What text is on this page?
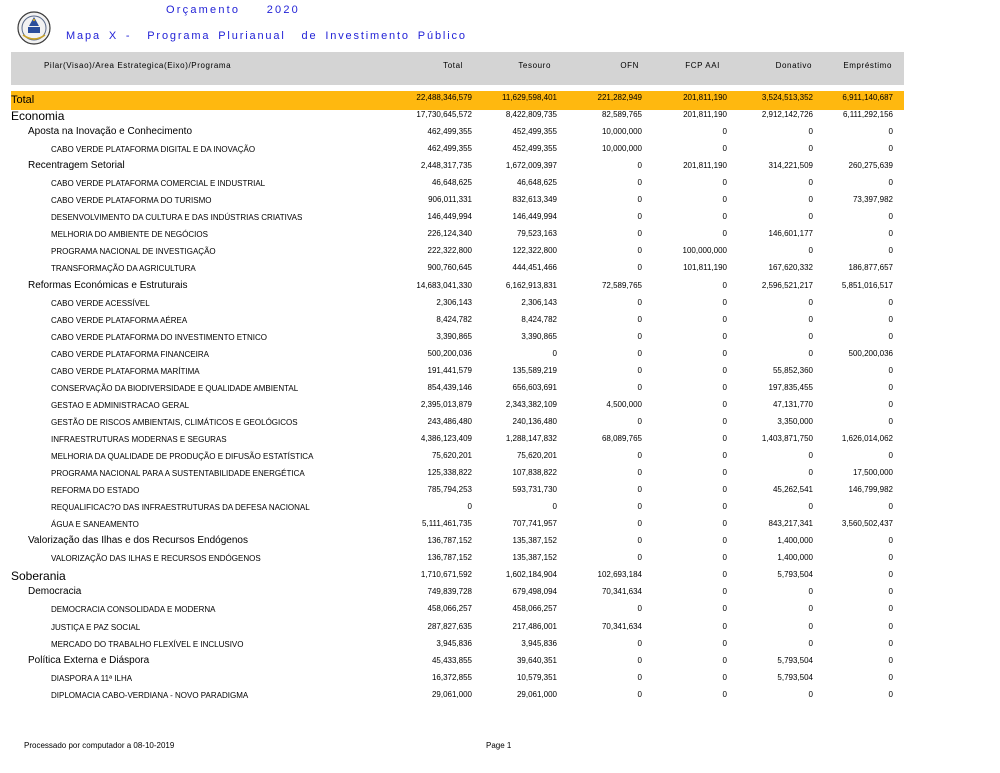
Orçamento  2020
Mapa X -  Programa Plurianual  de Investimento Público
Pilar(Visao)/Area Estrategica(Eixo)/Programa	Total	Tesouro	OFN	FCP AAI	Donativo	Empréstimo
Total	22,488,346,579	11,629,598,401	221,282,949	201,811,190	3,524,513,352	6,911,140,687
Economia	17,730,645,572	8,422,809,735	82,589,765	201,811,190	2,912,142,726	6,111,292,156
Aposta na Inovação e Conhecimento	462,499,355	452,499,355	10,000,000	0	0	0
CABO VERDE PLATAFORMA DIGITAL E DA INOVAÇÃO	462,499,355	452,499,355	10,000,000	0	0	0
Recentragem Setorial	2,448,317,735	1,672,009,397	0	201,811,190	314,221,509	260,275,639
CABO VERDE PLATAFORMA COMERCIAL E INDUSTRIAL	46,648,625	46,648,625	0	0	0	0
CABO VERDE PLATAFORMA DO TURISMO	906,011,331	832,613,349	0	0	0	73,397,982
DESENVOLVIMENTO DA CULTURA E DAS INDÚSTRIAS CRIATIVAS	146,449,994	146,449,994	0	0	0	0
MELHORIA DO AMBIENTE DE NEGÓCIOS	226,124,340	79,523,163	0	0	146,601,177	0
PROGRAMA NACIONAL DE INVESTIGAÇÃO	222,322,800	122,322,800	0	100,000,000	0	0
TRANSFORMAÇÃO DA AGRICULTURA	900,760,645	444,451,466	0	101,811,190	167,620,332	186,877,657
Reformas Económicas e Estruturais	14,683,041,330	6,162,913,831	72,589,765	0	2,596,521,217	5,851,016,517
CABO VERDE ACESSÍVEL	2,306,143	2,306,143	0	0	0	0
CABO VERDE PLATAFORMA AÉREA	8,424,782	8,424,782	0	0	0	0
CABO VERDE PLATAFORMA DO INVESTIMENTO ETNICO	3,390,865	3,390,865	0	0	0	0
CABO VERDE PLATAFORMA FINANCEIRA	500,200,036	0	0	0	0	500,200,036
CABO VERDE PLATAFORMA MARÍTIMA	191,441,579	135,589,219	0	0	55,852,360	0
CONSERVAÇÃO DA BIODIVERSIDADE E QUALIDADE AMBIENTAL	854,439,146	656,603,691	0	0	197,835,455	0
GESTAO E ADMINISTRACAO GERAL	2,395,013,879	2,343,382,109	4,500,000	0	47,131,770	0
GESTÃO DE RISCOS AMBIENTAIS, CLIMÁTICOS E GEOLÓGICOS	243,486,480	240,136,480	0	0	3,350,000	0
INFRAESTRUTURAS MODERNAS E SEGURAS	4,386,123,409	1,288,147,832	68,089,765	0	1,403,871,750	1,626,014,062
MELHORIA DA QUALIDADE DE PRODUÇÃO E DIFUSÃO ESTATÍSTICA	75,620,201	75,620,201	0	0	0	0
PROGRAMA NACIONAL PARA A SUSTENTABILIDADE ENERGÉTICA	125,338,822	107,838,822	0	0	0	17,500,000
REFORMA DO ESTADO	785,794,253	593,731,730	0	0	45,262,541	146,799,982
REQUALIFICAC?O DAS INFRAESTRUTURAS DA DEFESA NACIONAL	0	0	0	0	0	0
ÁGUA E SANEAMENTO	5,111,461,735	707,741,957	0	0	843,217,341	3,560,502,437
Valorização das Ilhas e dos Recursos Endógenos	136,787,152	135,387,152	0	0	1,400,000	0
VALORIZAÇÃO DAS ILHAS E RECURSOS ENDÓGENOS	136,787,152	135,387,152	0	0	1,400,000	0
Soberania	1,710,671,592	1,602,184,904	102,693,184	0	5,793,504	0
Democracia	749,839,728	679,498,094	70,341,634	0	0	0
DEMOCRACIA CONSOLIDADA E MODERNA	458,066,257	458,066,257	0	0	0	0
JUSTIÇA E PAZ SOCIAL	287,827,635	217,486,001	70,341,634	0	0	0
MERCADO DO TRABALHO FLEXÍVEL E INCLUSIVO	3,945,836	3,945,836	0	0	0	0
Política Externa e Diáspora	45,433,855	39,640,351	0	0	5,793,504	0
DIASPORA A 11ª ILHA	16,372,855	10,579,351	0	0	5,793,504	0
DIPLOMACIA CABO-VERDIANA - NOVO PARADIGMA	29,061,000	29,061,000	0	0	0	0
Processado por computador a 08-10-2019	Page 1
